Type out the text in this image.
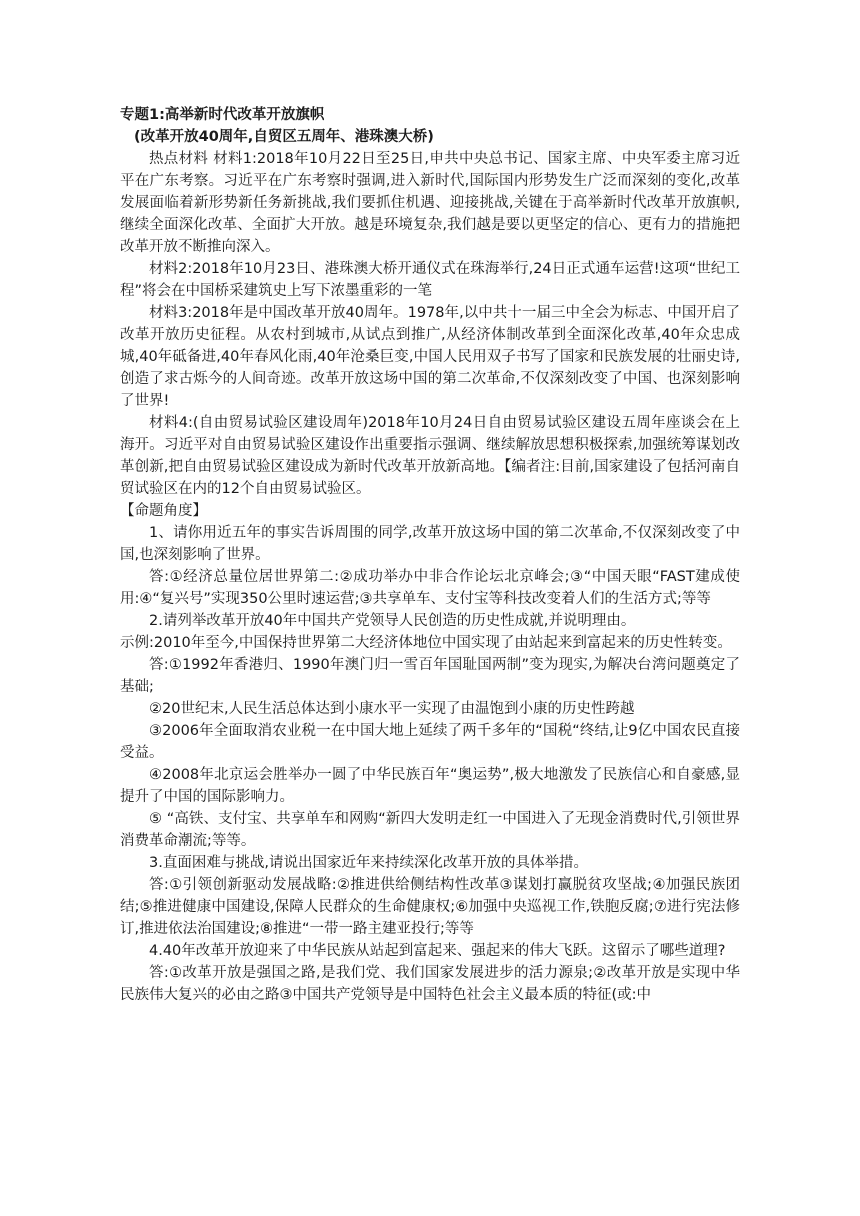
专题1:高举新时代改革开放旗帜

(改革开放40周年,自贸区五周年、港珠澳大桥)

热点材料 材料1:2018年10月22日至25日,申共中央总书记、国家主席、中央军委主席习近平在广东考察。习近平在广东考察时强调,进入新时代,国际国内形势发生广泛而深刻的变化,改革发展面临着新形势新任务新挑战,我们要抓住机遇、迎接挑战,关键在于高举新时代改革开放旗帜,继续全面深化改革、全面扩大开放。越是环境复杂,我们越是要以更坚定的信心、更有力的措施把改革开放不断推向深入。

材料2:2018年10月23日、港珠澳大桥开通仪式在珠海举行,24日正式通车运营!这项“世纪工程”将会在中国桥采建筑史上写下浓墨重彩的一笔

材料3:2018年是中国改革开放40周年。1978年,以中共十一届三中全会为标志、中国开启了改革开放历史征程。从农村到城市,从试点到推广,从经济体制改革到全面深化改革,40年众忠成城,40年砥备进,40年春风化雨,40年沧桑巨变,中国人民用双子书写了国家和民族发展的壮丽史诗,创造了求古烁今的人间奇迹。改革开放这场中国的第二次革命,不仅深刻改变了中国、也深刻影响了世界!

材料4:(自由贸易试验区建设周年)2018年10月24日自由贸易试验区建设五周年座谈会在上海开。习近平对自由贸易试验区建设作出重要指示强调、继续解放思想积极探索,加强统筹谋划改革创新,把自由贸易试验区建设成为新时代改革开放新高地。【编者注:目前,国家建设了包括河南自贸试验区在内的12个自由贸易试验区。

【命题角度】

1、请你用近五年的事实告诉周围的同学,改革开放这场中国的第二次革命,不仅深刻改变了中国,也深刻影响了世界。

答:①经济总量位居世界第二:②成功举办中非合作论坛北京峰会;③“中国天眼“FAST建成使用:④“复兴号”实现350公里时速运营;③共享单车、支付宝等科技改变着人们的生活方式;等等

2.请列举改革开放40年中国共产党领导人民创造的历史性成就,并说明理由。

示例:2010年至今,中国保持世界第二大经济体地位中国实现了由站起来到富起来的历史性转变。

答:①1992年香港归、1990年澳门归一雪百年国耻国两制”变为现实,为解决台湾问题奠定了基础;

②20世纪末,人民生活总体达到小康水平一实现了由温饱到小康的历史性跨越

③2006年全面取消农业税一在中国大地上延续了两千多年的“国税“终结,让9亿中国农民直接受益。

④2008年北京运会胜举办一圆了中华民族百年“奥运势”,极大地激发了民族信心和自豪感,显提升了中国的国际影响力。

⑤ “高铁、支付宝、共享单车和网购“新四大发明走红一中国进入了无现金消费时代,引领世界消费革命潮流;等等。

3.直面困难与挑战,请说出国家近年来持续深化改革开放的具体举措。

答:①引领创新驱动发展战略:②推进供给侧结构性改革③谋划打赢脱贫攻坚战;④加强民族团结;⑤推进健康中国建设,保障人民群众的生命健康权;⑥加强中央巡视工作,铁胞反腐;⑦进行宪法修订,推进依法治国建设;⑧推进“一带一路主建亚投行;等等

4.40年改革开放迎来了中华民族从站起到富起来、强起来的伟大飞跃。这留示了哪些道理?

答:①改革开放是强国之路,是我们党、我们国家发展进步的活力源泉;②改革开放是实现中华民族伟大复兴的必由之路③中国共产党领导是中国特色社会主义最本质的特征(或:中
